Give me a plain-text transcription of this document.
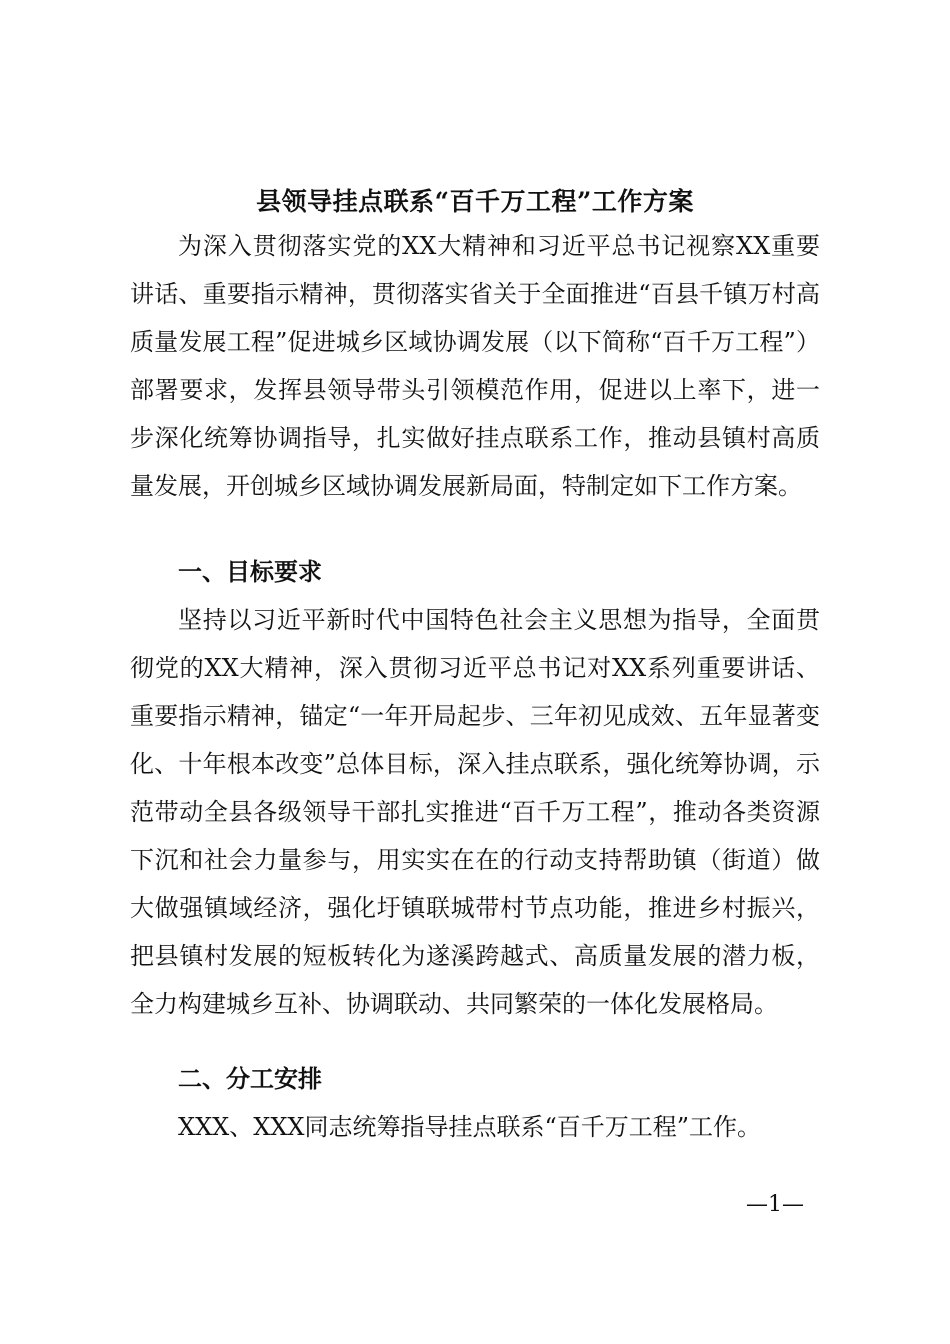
县领导挂点联系“百千万工程”工作方案

为深入贯彻落实党的XX大精神和习近平总书记视察XX重要讲话、重要指示精神，贯彻落实省关于全面推进“百县千镇万村高质量发展工程”促进城乡区域协调发展（以下简称“百千万工程”）部署要求，发挥县领导带头引领模范作用，促进以上率下，进一步深化统筹协调指导，扎实做好挂点联系工作，推动县镇村高质量发展，开创城乡区域协调发展新局面，特制定如下工作方案。

一、目标要求

坚持以习近平新时代中国特色社会主义思想为指导，全面贯彻党的XX大精神，深入贯彻习近平总书记对XX系列重要讲话、重要指示精神，锚定“一年开局起步、三年初见成效、五年显著变化、十年根本改变”总体目标，深入挂点联系，强化统筹协调，示范带动全县各级领导干部扎实推进“百千万工程”，推动各类资源下沉和社会力量参与，用实实在在的行动支持帮助镇（街道）做大做强镇域经济，强化圩镇联城带村节点功能，推进乡村振兴，把县镇村发展的短板转化为遂溪跨越式、高质量发展的潜力板，全力构建城乡互补、协调联动、共同繁荣的一体化发展格局。

二、分工安排

XXX、XXX同志统筹指导挂点联系“百千万工程”工作。

—1—
